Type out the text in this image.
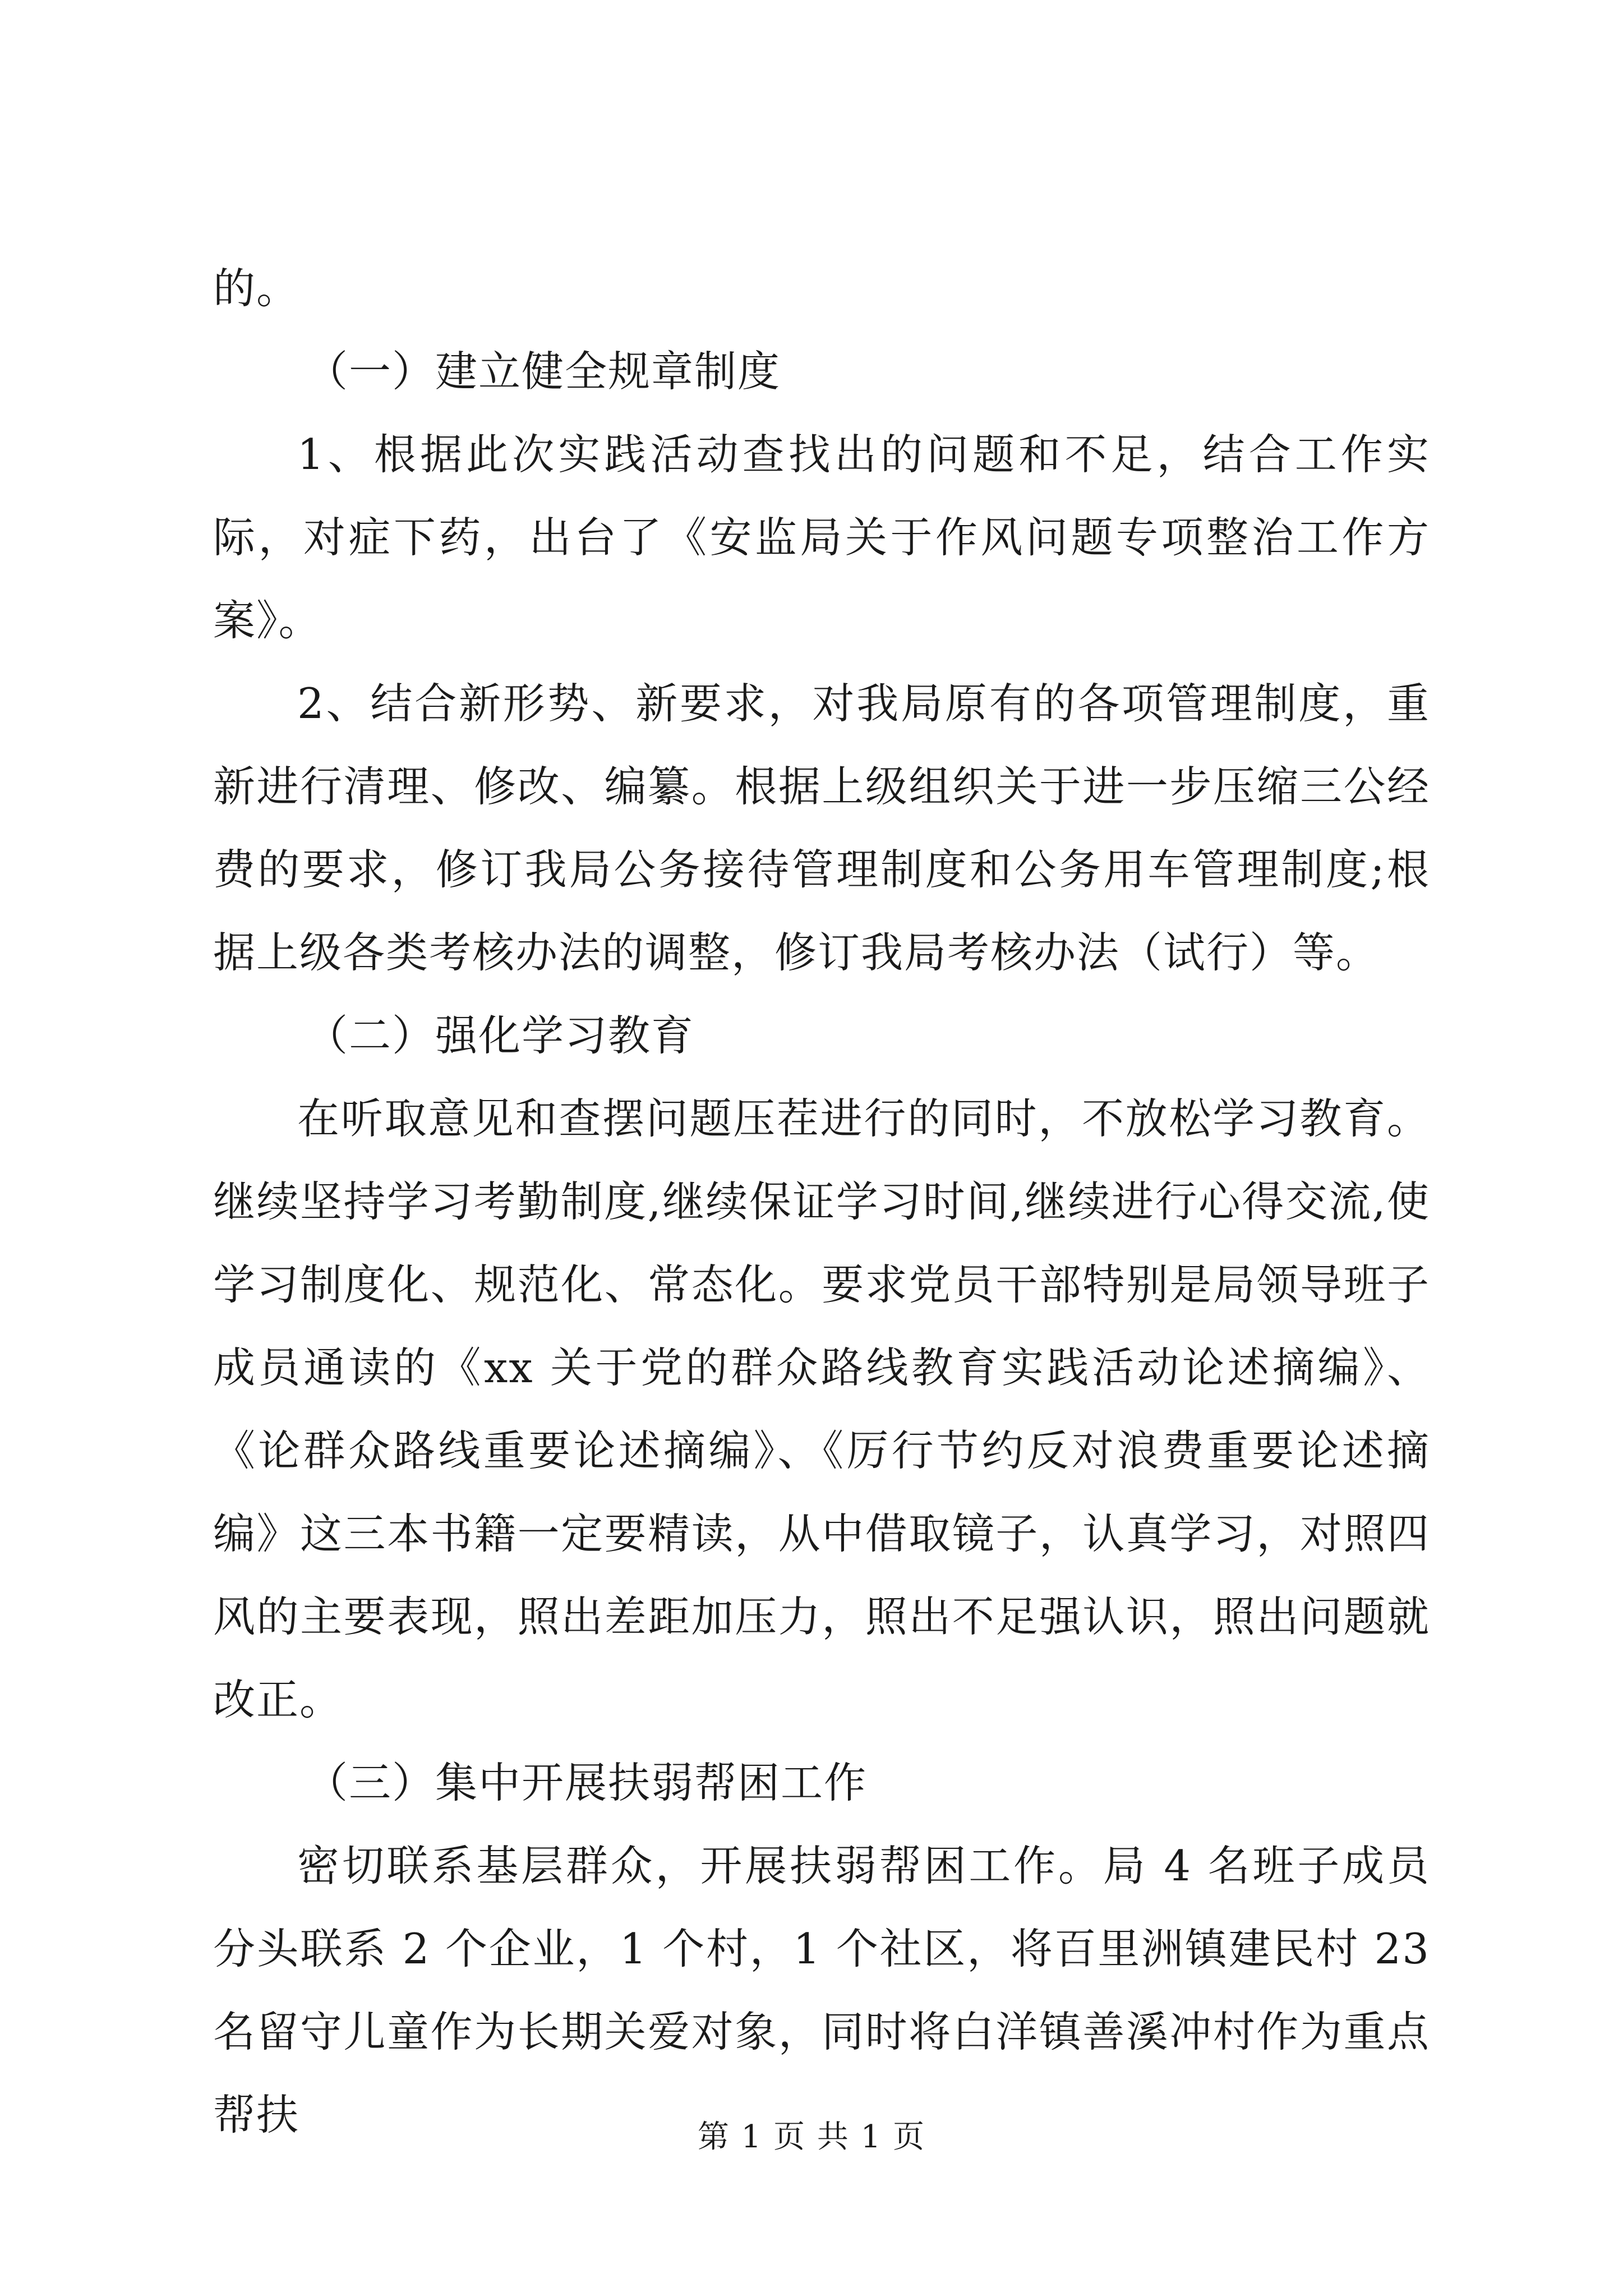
的。

（一）建立健全规章制度

1、根据此次实践活动查找出的问题和不足，结合工作实际，对症下药，出台了《安监局关于作风问题专项整治工作方案》。

2、结合新形势、新要求，对我局原有的各项管理制度，重新进行清理、修改、编纂。根据上级组织关于进一步压缩三公经费的要求，修订我局公务接待管理制度和公务用车管理制度;根据上级各类考核办法的调整，修订我局考核办法（试行）等。

（二）强化学习教育

在听取意见和查摆问题压茬进行的同时，不放松学习教育。继续坚持学习考勤制度,继续保证学习时间,继续进行心得交流,使学习制度化、规范化、常态化。要求党员干部特别是局领导班子成员通读的《xx 关于党的群众路线教育实践活动论述摘编》、《论群众路线重要论述摘编》、《厉行节约反对浪费重要论述摘编》这三本书籍一定要精读，从中借取镜子，认真学习，对照四风的主要表现，照出差距加压力，照出不足强认识，照出问题就改正。

（三）集中开展扶弱帮困工作

密切联系基层群众，开展扶弱帮困工作。局 4 名班子成员分头联系 2 个企业，1 个村，1 个社区，将百里洲镇建民村 23 名留守儿童作为长期关爱对象，同时将白洋镇善溪冲村作为重点帮扶	第 1 页 共 1 页
